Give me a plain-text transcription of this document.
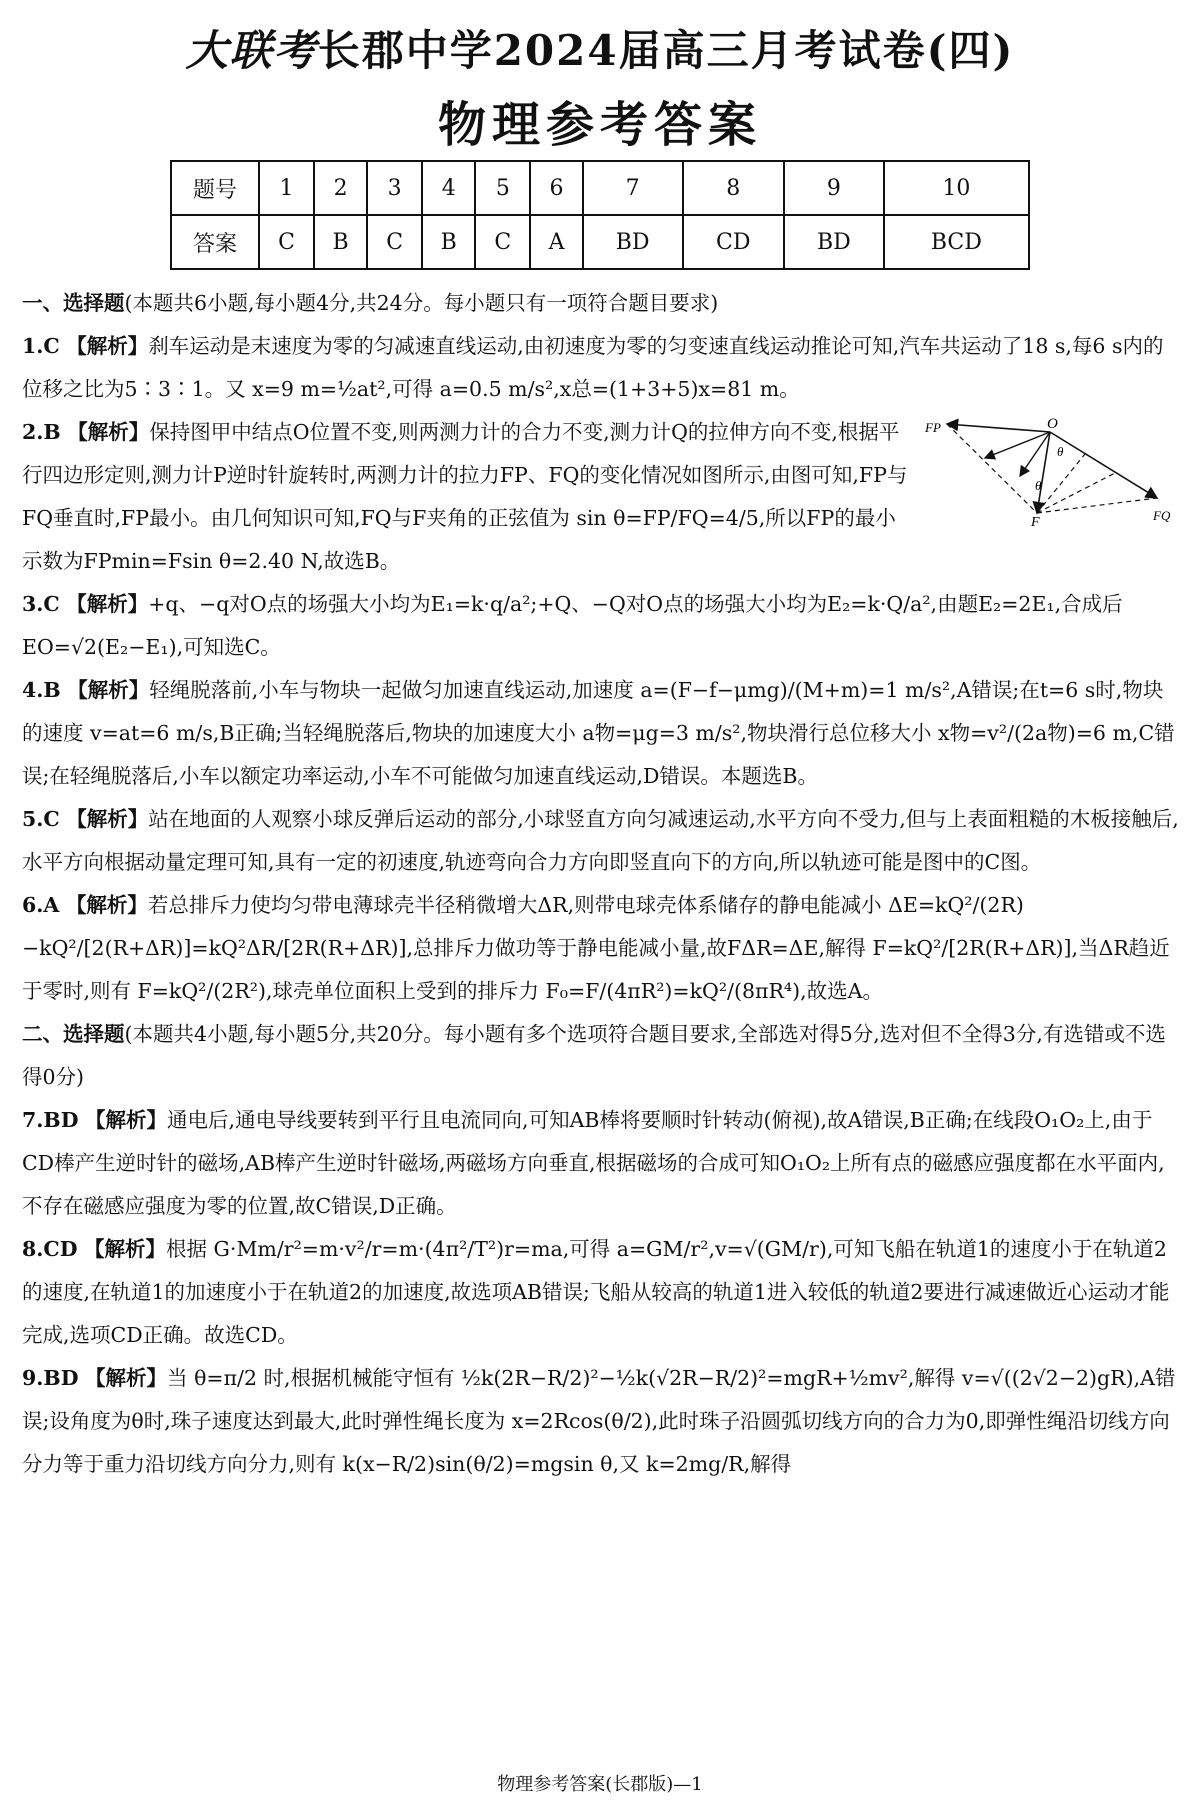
大联考长郡中学2024届高三月考试卷(四)
物理参考答案
题号	1	2	3	4	5	6	7	8	9	10
答案	C	B	C	B	C	A	BD	CD	BD	BCD

一、选择题(本题共6小题,每小题4分,共24分。每小题只有一项符合题目要求)

1.C 【解析】刹车运动是末速度为零的匀减速直线运动,由初速度为零的匀变速直线运动推论可知,汽车共运动了18 s,每6 s内的位移之比为5∶3∶1。又 x=9 m=½at²,可得 a=0.5 m/s²,x总=(1+3+5)x=81 m。

2.B 【解析】保持图甲中结点O位置不变,则两测力计的合力不变,测力计Q的拉伸方向不变,根据平行四边形定则,测力计P逆时针旋转时,两测力计的拉力FP、FQ的变化情况如图所示,由图可知,FP与FQ垂直时,FP最小。由几何知识可知,FQ与F夹角的正弦值为 sin θ=FP/FQ=4/5,所以FP的最小示数为FPmin=Fsin θ=2.40 N,故选B。

3.C 【解析】+q、−q对O点的场强大小均为E₁=k·q/a²;+Q、−Q对O点的场强大小均为E₂=k·Q/a²,由题E₂=2E₁,合成后EO=√2(E₂−E₁),可知选C。

4.B 【解析】轻绳脱落前,小车与物块一起做匀加速直线运动,加速度 a=(F−f−μmg)/(M+m)=1 m/s²,A错误;在t=6 s时,物块的速度 v=at=6 m/s,B正确;当轻绳脱落后,物块的加速度大小 a物=μg=3 m/s²,物块滑行总位移大小 x物=v²/(2a物)=6 m,C错误;在轻绳脱落后,小车以额定功率运动,小车不可能做匀加速直线运动,D错误。本题选B。

5.C 【解析】站在地面的人观察小球反弹后运动的部分,小球竖直方向匀减速运动,水平方向不受力,但与上表面粗糙的木板接触后,水平方向根据动量定理可知,具有一定的初速度,轨迹弯向合力方向即竖直向下的方向,所以轨迹可能是图中的C图。

6.A 【解析】若总排斥力使均匀带电薄球壳半径稍微增大ΔR,则带电球壳体系储存的静电能减小 ΔE=kQ²/(2R)−kQ²/[2(R+ΔR)]=kQ²ΔR/[2R(R+ΔR)],总排斥力做功等于静电能减小量,故FΔR=ΔE,解得 F=kQ²/[2R(R+ΔR)],当ΔR趋近于零时,则有 F=kQ²/(2R²),球壳单位面积上受到的排斥力 F₀=F/(4πR²)=kQ²/(8πR⁴),故选A。

二、选择题(本题共4小题,每小题5分,共20分。每小题有多个选项符合题目要求,全部选对得5分,选对但不全得3分,有选错或不选得0分)

7.BD 【解析】通电后,通电导线要转到平行且电流同向,可知AB棒将要顺时针转动(俯视),故A错误,B正确;在线段O₁O₂上,由于CD棒产生逆时针的磁场,AB棒产生逆时针磁场,两磁场方向垂直,根据磁场的合成可知O₁O₂上所有点的磁感应强度都在水平面内,不存在磁感应强度为零的位置,故C错误,D正确。

8.CD 【解析】根据 G·Mm/r²=m·v²/r=m·(4π²/T²)r=ma,可得 a=GM/r²,v=√(GM/r),可知飞船在轨道1的速度小于在轨道2的速度,在轨道1的加速度小于在轨道2的加速度,故选项AB错误;飞船从较高的轨道1进入较低的轨道2要进行减速做近心运动才能完成,选项CD正确。故选CD。

9.BD 【解析】当 θ=π/2 时,根据机械能守恒有 ½k(2R−R/2)²−½k(√2R−R/2)²=mgR+½mv²,解得 v=√((2√2−2)gR),A错误;设角度为θ时,珠子速度达到最大,此时弹性绳长度为 x=2Rcos(θ/2),此时珠子沿圆弧切线方向的合力为0,即弹性绳沿切线方向分力等于重力沿切线方向分力,则有 k(x−R/2)sin(θ/2)=mgsin θ,又 k=2mg/R,解得

O
FP
FQ
F
θ
θ
物理参考答案(长郡版)—1
